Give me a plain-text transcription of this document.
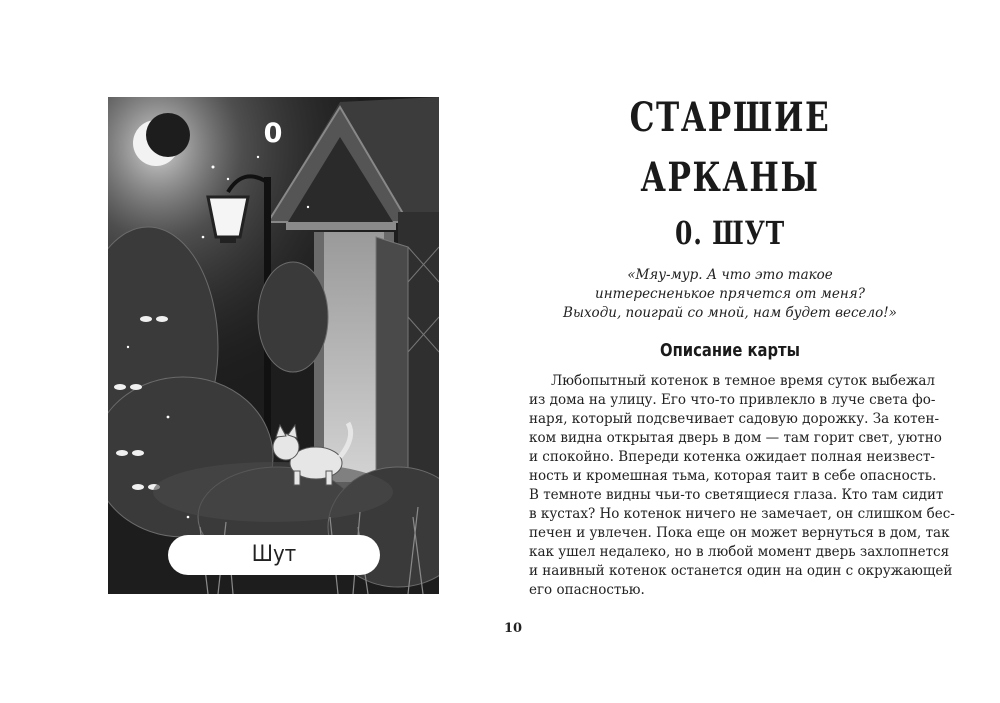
0
Шут
СТАРШИЕ
АРКАНЫ
0. ШУТ
«Мяу-мур. А что это такое
интересненькое прячется от меня?
Выходи, поиграй со мной, нам будет весело!»
Описание карты
Любопытный котенок в темное время суток выбежал
из дома на улицу. Его что-то привлекло в луче света фо-
наря, который подсвечивает садовую дорожку. За котен-
ком видна открытая дверь в дом — там горит свет, уютно
и спокойно. Впереди котенка ожидает полная неизвест-
ность и кромешная тьма, которая таит в себе опасность.
В темноте видны чьи-то светящиеся глаза. Кто там сидит
в кустах? Но котенок ничего не замечает, он слишком бес-
печен и увлечен. Пока еще он может вернуться в дом, так
как ушел недалеко, но в любой момент дверь захлопнется
и наивный котенок останется один на один с окружающей
его опасностью.
10
